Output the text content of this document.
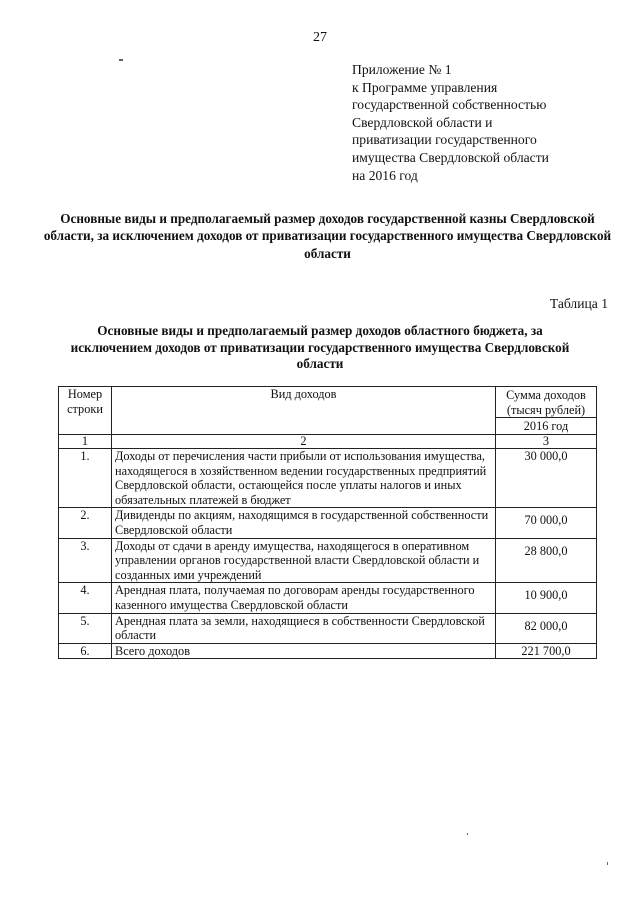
27
Приложение № 1
к Программе управления
государственной собственностью
Свердловской области и
приватизации государственного
имущества Свердловской области
на 2016 год
Основные виды и предполагаемый размер доходов государственной казны Свердловской области, за исключением доходов от приватизации государственного имущества Свердловской области
Таблица 1
Основные виды и предполагаемый размер доходов областного бюджета, за исключением доходов от приватизации государственного имущества Свердловской области
Номер строки	Вид доходов	Сумма доходов (тысяч рублей)
2016 год

1	2	3
1.	Доходы от перечисления части прибыли от использования имущества, находящегося в хозяйственном ведении государственных предприятий Свердловской области, остающейся после уплаты налогов и иных обязательных платежей в бюджет	30 000,0
2.	Дивиденды по акциям, находящимся в государственной собственности Свердловской области	70 000,0
3.	Доходы от сдачи в аренду имущества, находящегося в оперативном управлении органов государственной власти Свердловской области и созданных ими учреждений	28 800,0
4.	Арендная плата, получаемая по договорам аренды государственного казенного имущества Свердловской области	10 900,0
5.	Арендная плата за земли, находящиеся в собственности Свердловской области	82 000,0
6.	Всего доходов	221 700,0
